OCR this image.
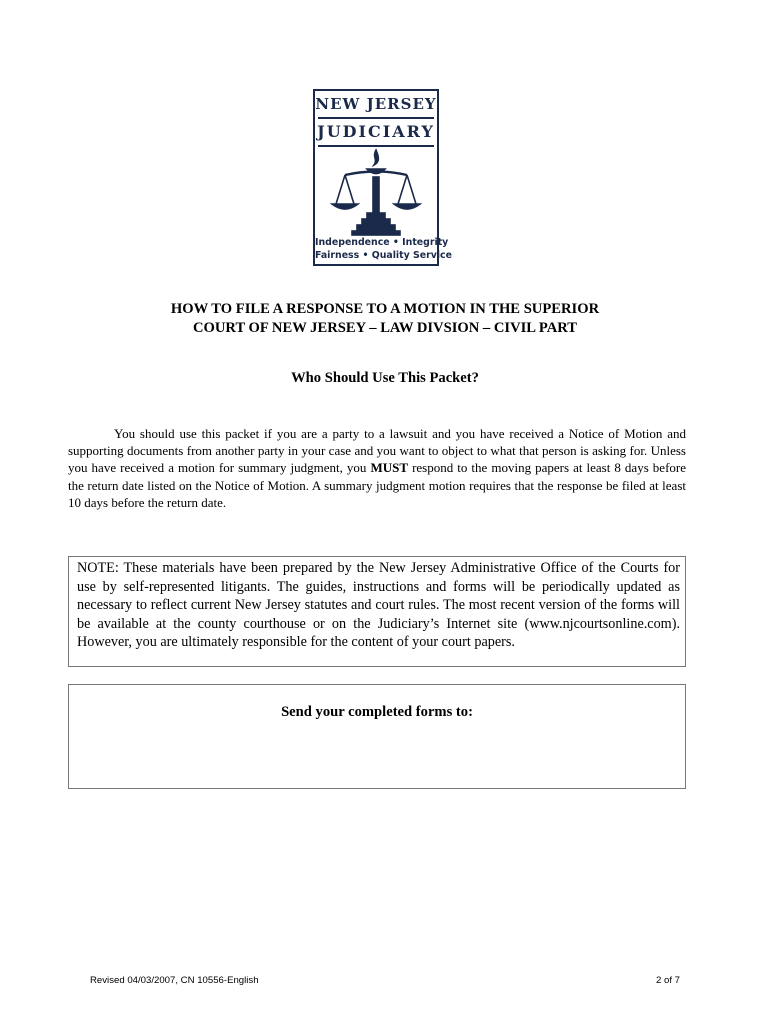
NEW JERSEY
JUDICIARY
Independence • Integrity
Fairness • Quality Service
HOW TO FILE A RESPONSE TO A MOTION IN THE SUPERIOR
COURT OF NEW JERSEY – LAW DIVSION – CIVIL PART
Who Should Use This Packet?

You should use this packet if you are a party to a lawsuit and you have received a Notice of Motion and supporting documents from another party in your case and you want to object to what that person is asking for. Unless you have received a motion for summary judgment, you MUST respond to the moving papers at least 8 days before the return date listed on the Notice of Motion. A summary judgment motion requires that the response be filed at least 10 days before the return date.

NOTE: These materials have been prepared by the New Jersey Administrative Office of the Courts for use by self-represented litigants. The guides, instructions and forms will be periodically updated as necessary to reflect current New Jersey statutes and court rules. The most recent version of the forms will be available at the county courthouse or on the Judiciary’s Internet site (www.njcourtsonline.com). However, you are ultimately responsible for the content of your court papers.
Send your completed forms to:
Revised 04/03/2007, CN 10556-English	2 of 7
